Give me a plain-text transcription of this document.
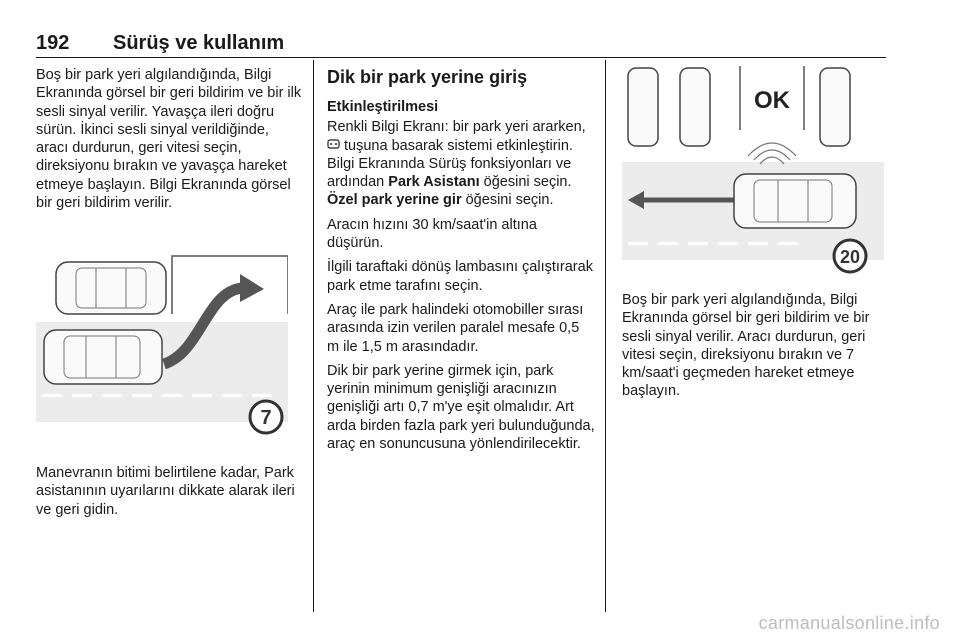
192 Sürüş ve kullanım

Boş bir park yeri algılandığında, Bilgi Ekranında görsel bir geri bildirim ve bir ilk sesli sinyal verilir. Yavaşça ileri doğru sürün. İkinci sesli sinyal verildiğinde, aracı durdurun, geri vitesi seçin, direksiyonu bırakın ve yavaşça hareket etmeye başlayın. Bilgi Ekranında görsel bir geri bildirim verilir.

7

Manevranın bitimi belirtilene kadar, Park asistanının uyarılarını dikkate alarak ileri ve geri gidin.

Dik bir park yerine giriş

Etkinleştirilmesi

Renkli Bilgi Ekranı: bir park yeri ararken,  tuşuna basarak sistemi etkinleştirin. Bilgi Ekranında Sürüş fonksiyonları ve ardından Park Asistanı öğesini seçin. Özel park yerine gir öğesini seçin.

Aracın hızını 30 km/saat'in altına düşürün.

İlgili taraftaki dönüş lambasını çalıştırarak park etme tarafını seçin.

Araç ile park halindeki otomobiller sırası arasında izin verilen paralel mesafe 0,5 m ile 1,5 m arasındadır.

Dik bir park yerine girmek için, park yerinin minimum genişliği aracınızın genişliği artı 0,7 m'ye eşit olmalıdır. Art arda birden fazla park yeri bulunduğunda, araç en sonuncusuna yönlendirilecektir.

OK
20

Boş bir park yeri algılandığında, Bilgi Ekranında görsel bir geri bildirim ve bir sesli sinyal verilir. Aracı durdurun, geri vitesi seçin, direksiyonu bırakın ve 7 km/saat'i geçmeden hareket etmeye başlayın.

carmanualsonline.info
